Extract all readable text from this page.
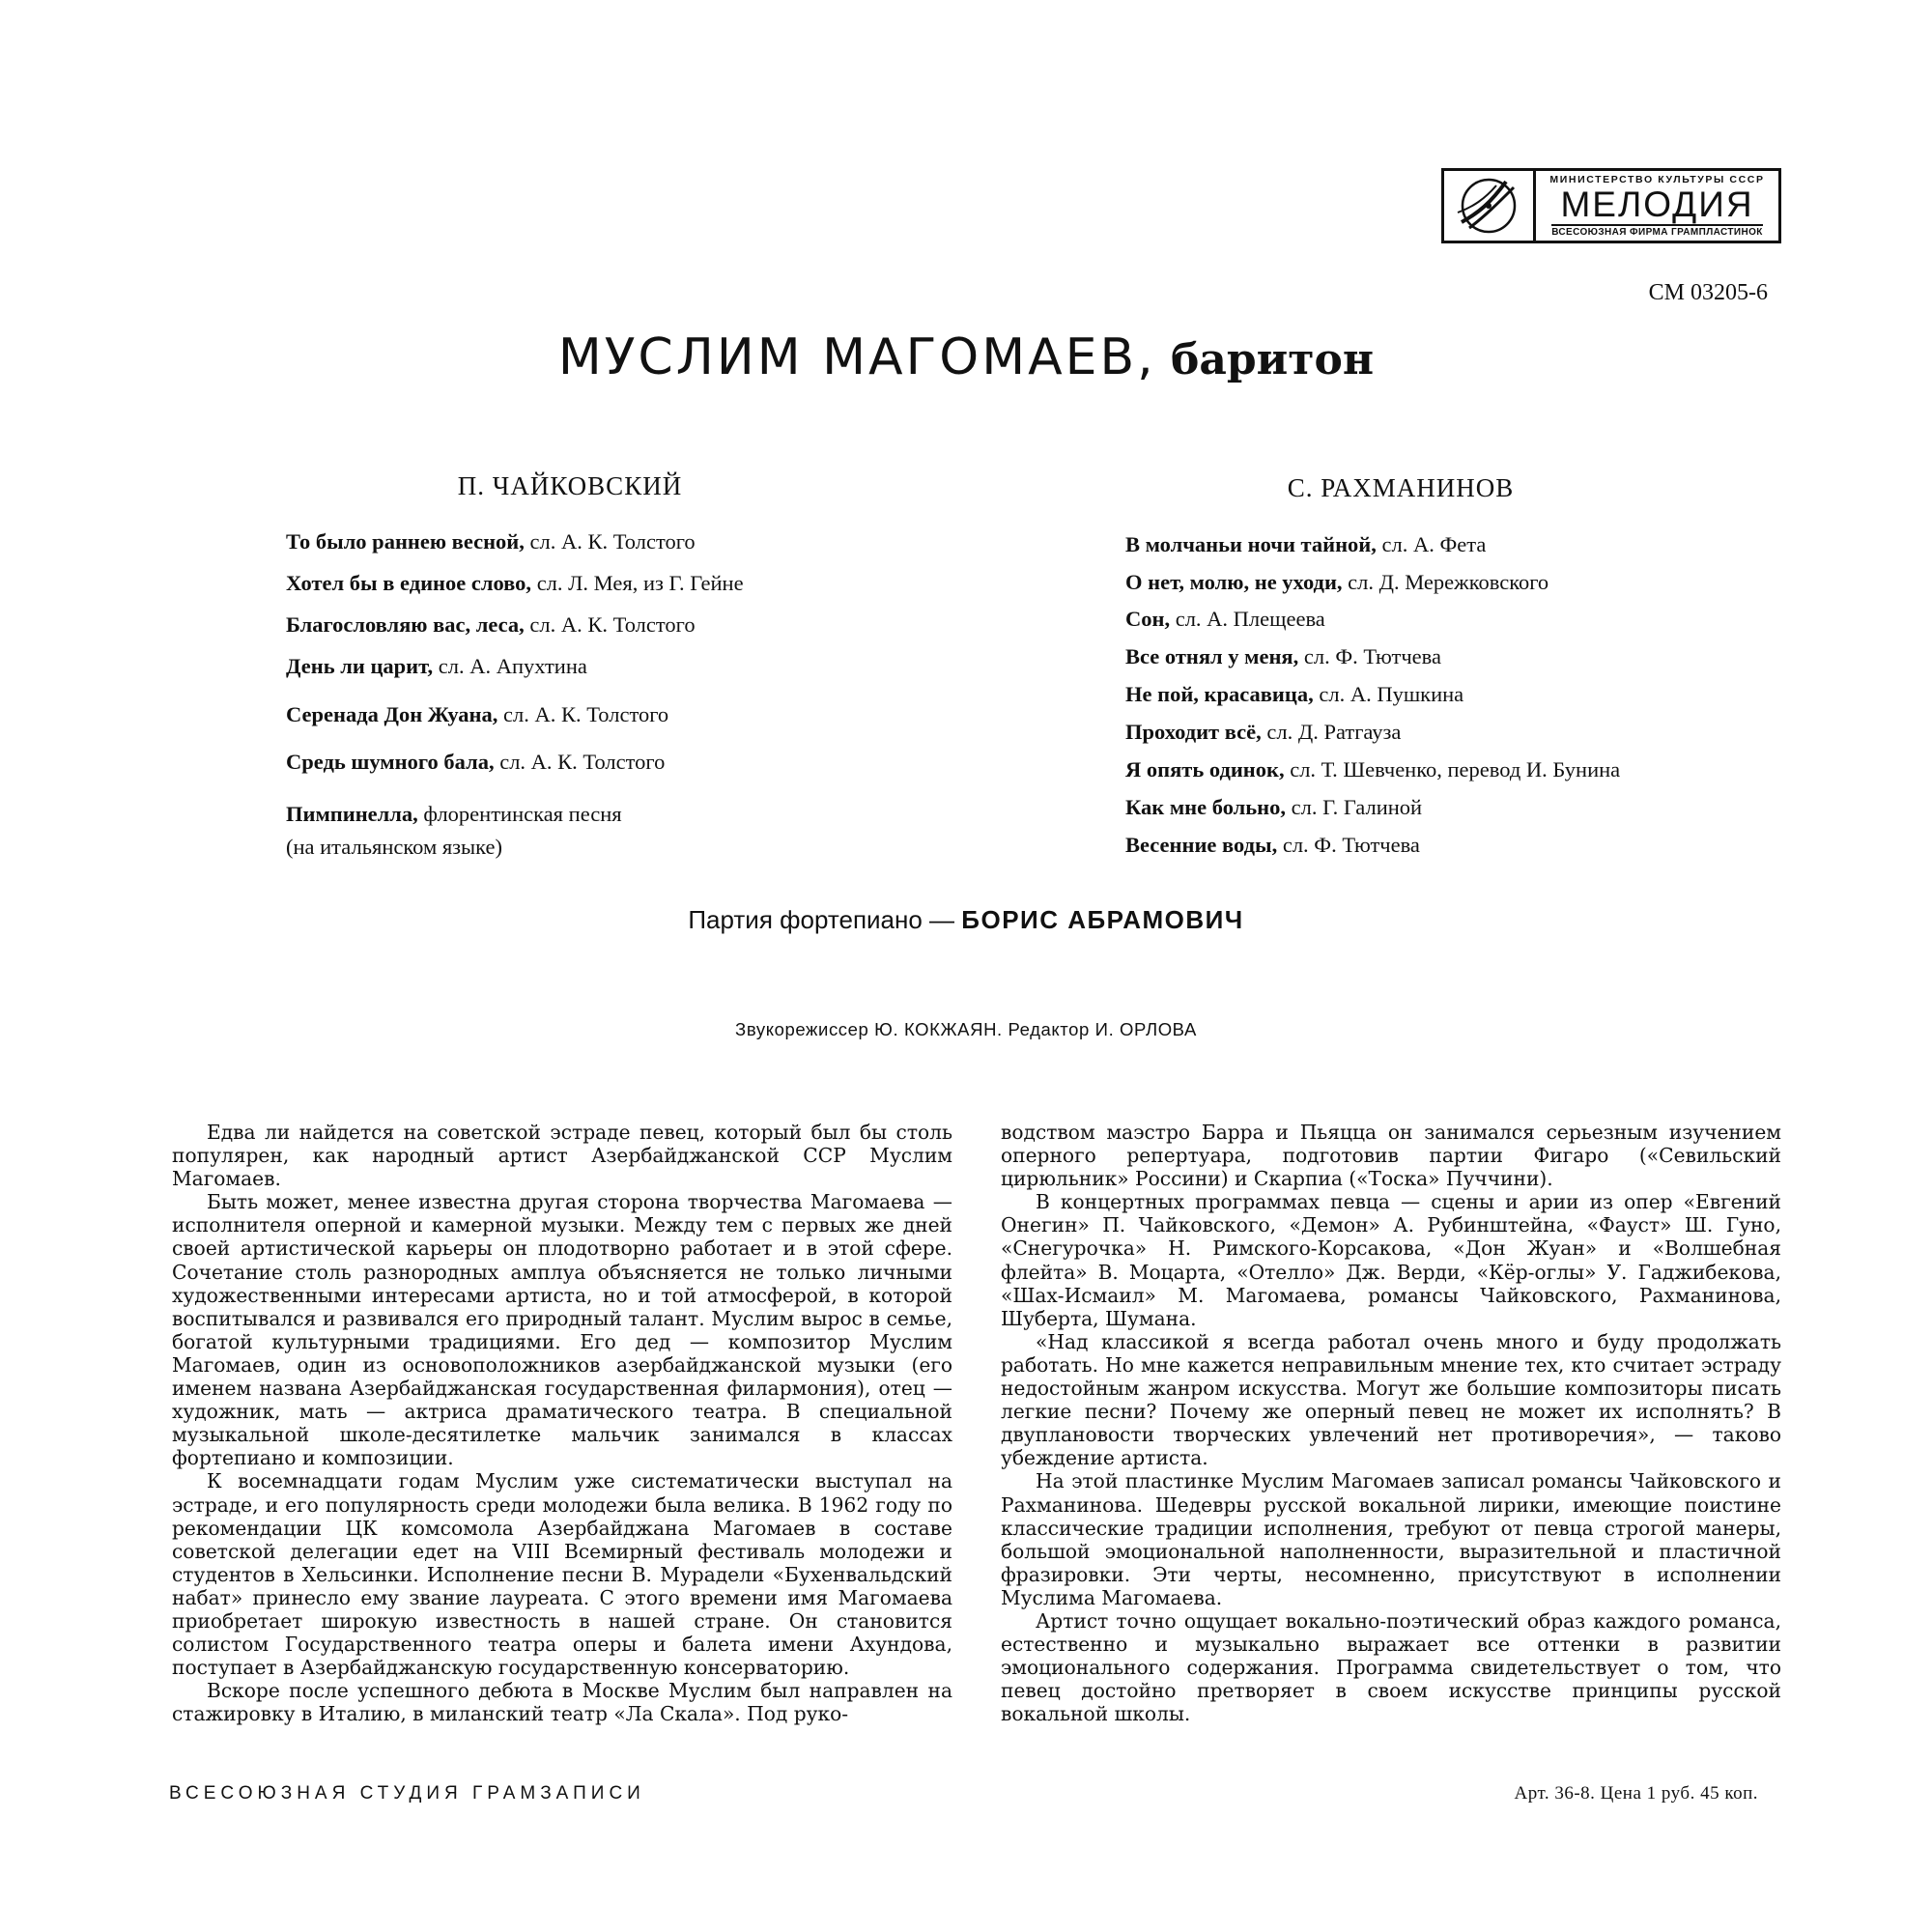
МИНИСТЕРСТВО КУЛЬТУРЫ СССР
МЕЛОДИЯ
ВСЕСОЮЗНАЯ ФИРМА ГРАМПЛАСТИНОК
СМ 03205-6
МУСЛИМ МАГОМАЕВ, баритон
П. ЧАЙКОВСКИЙ
То было раннею весной, сл. А. К. Толстого
Хотел бы в единое слово, сл. Л. Мея, из Г. Гейне
Благословляю вас, леса, сл. А. К. Толстого
День ли царит, сл. А. Апухтина
Серенада Дон Жуана, сл. А. К. Толстого
Средь шумного бала, сл. А. К. Толстого
Пимпинелла, флорентинская песня
(на итальянском языке)
С. РАХМАНИНОВ
В молчаньи ночи тайной, сл. А. Фета
О нет, молю, не уходи, сл. Д. Мережковского
Сон, сл. А. Плещеева
Все отнял у меня, сл. Ф. Тютчева
Не пой, красавица, сл. А. Пушкина
Проходит всё, сл. Д. Ратгауза
Я опять одинок, сл. Т. Шевченко, перевод И. Бунина
Как мне больно, сл. Г. Галиной
Весенние воды, сл. Ф. Тютчева
Партия фортепиано — БОРИС АБРАМОВИЧ
Звукорежиссер Ю. КОКЖАЯН. Редактор И. ОРЛОВА

Едва ли найдется на советской эстраде певец, который был бы столь популярен, как народный артист Азербайджанской ССР Муслим Магомаев.

Быть может, менее известна другая сторона творчества Магомаева — исполнителя оперной и камерной музыки. Между тем с первых же дней своей артистической карьеры он плодотворно работает и в этой сфере. Сочетание столь разнородных амплуа объясняется не только личными художественными интересами артиста, но и той атмосферой, в которой воспитывался и развивался его природный талант. Муслим вырос в семье, богатой культурными традициями. Его дед — композитор Муслим Магомаев, один из основоположников азербайджанской музыки (его именем названа Азербайджанская государственная филармония), отец — художник, мать — актриса драматического театра. В специальной музыкальной школе-десятилетке мальчик занимался в классах фортепиано и композиции.

К восемнадцати годам Муслим уже систематически выступал на эстраде, и его популярность среди молодежи была велика. В 1962 году по рекомендации ЦК комсомола Азербайджана Магомаев в составе советской делегации едет на VIII Всемирный фестиваль молодежи и студентов в Хельсинки. Исполнение песни В. Мурадели «Бухенвальдский набат» принесло ему звание лауреата. С этого времени имя Магомаева приобретает широкую известность в нашей стране. Он становится солистом Государственного театра оперы и балета имени Ахундова, поступает в Азербайджанскую государственную консерваторию.

Вскоре после успешного дебюта в Москве Муслим был направлен на стажировку в Италию, в миланский театр «Ла Скала». Под руко-

водством маэстро Барра и Пьяцца он занимался серьезным изучением оперного репертуара, подготовив партии Фигаро («Севильский цирюльник» Россини) и Скарпиа («Тоска» Пуччини).

В концертных программах певца — сцены и арии из опер «Евгений Онегин» П. Чайковского, «Демон» А. Рубинштейна, «Фауст» Ш. Гуно, «Снегурочка» Н. Римского-Корсакова, «Дон Жуан» и «Волшебная флейта» В. Моцарта, «Отелло» Дж. Верди, «Кёр-оглы» У. Гаджибекова, «Шах-Исмаил» М. Магомаева, романсы Чайковского, Рахманинова, Шуберта, Шумана.

«Над классикой я всегда работал очень много и буду продолжать работать. Но мне кажется неправильным мнение тех, кто считает эстраду недостойным жанром искусства. Могут же большие композиторы писать легкие песни? Почему же оперный певец не может их исполнять? В двуплановости творческих увлечений нет противоречия», — таково убеждение артиста.

На этой пластинке Муслим Магомаев записал романсы Чайковского и Рахманинова. Шедевры русской вокальной лирики, имеющие поистине классические традиции исполнения, требуют от певца строгой манеры, большой эмоциональной наполненности, выразительной и пластичной фразировки. Эти черты, несомненно, присутствуют в исполнении Муслима Магомаева.

Артист точно ощущает вокально-поэтический образ каждого романса, естественно и музыкально выражает все оттенки в развитии эмоционального содержания. Программа свидетельствует о том, что певец достойно претворяет в своем искусстве принципы русской вокальной школы.

ВСЕСОЮЗНАЯ СТУДИЯ ГРАМЗАПИСИ	Арт. 36-8. Цена 1 руб. 45 коп.
